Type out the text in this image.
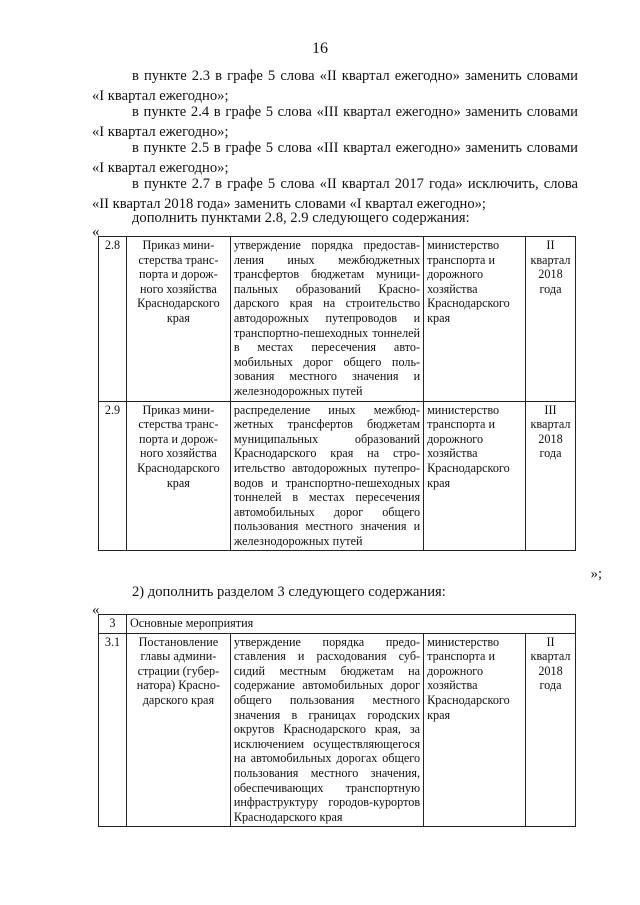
16
в пункте 2.3 в графе 5 слова «II квартал ежегодно» заменить словами
«I квартал ежегодно»;
в пункте 2.4 в графе 5 слова «III квартал ежегодно» заменить словами
«I квартал ежегодно»;
в пункте 2.5 в графе 5 слова «III квартал ежегодно» заменить словами
«I квартал ежегодно»;
в пункте 2.7 в графе 5 слова «II квартал 2017 года» исключить, слова
«II квартал 2018 года» заменить словами «I квартал ежегодно»;
дополнить пунктами 2.8, 2.9 следующего содержания:
«
2.8	Приказ министерства транспорта и дорожного хозяйства Краснодарского края	утверждение порядка предоставления иных межбюджетных трансфертов бюджетам муниципальных образований Краснодарского края на строительство автодорожных путепроводов и транспортно-пешеходных тоннелей в местах пересечения автомобильных дорог общего пользования местного значения и железнодорожных путей	министерство транспорта и дорожного хозяйства Краснодарского края	II квартал 2018 года
2.9	Приказ министерства транспорта и дорожного хозяйства Краснодарского края	распределение иных межбюджетных трансфертов бюджетам муниципальных образований Краснодарского края на строительство автодорожных путепроводов и транспортно-пешеходных тоннелей в местах пересечения автомобильных дорог общего пользования местного значения и железнодорожных путей	министерство транспорта и дорожного хозяйства Краснодарского края	III квартал 2018 года
»;
2) дополнить разделом 3 следующего содержания:
«
3	Основные мероприятия			
3.1	Постановление главы администрации (губернатора) Краснодарского края	утверждение порядка предоставления и расходования субсидий местным бюджетам на содержание автомобильных дорог общего пользования местного значения в границах городских округов Краснодарского края, за исключением осуществляющегося на автомобильных дорогах общего пользования местного значения, обеспечивающих транспортную инфраструктуру городов-курортов Краснодарского края	министерство транспорта и дорожного хозяйства Краснодарского края	II квартал 2018 года
